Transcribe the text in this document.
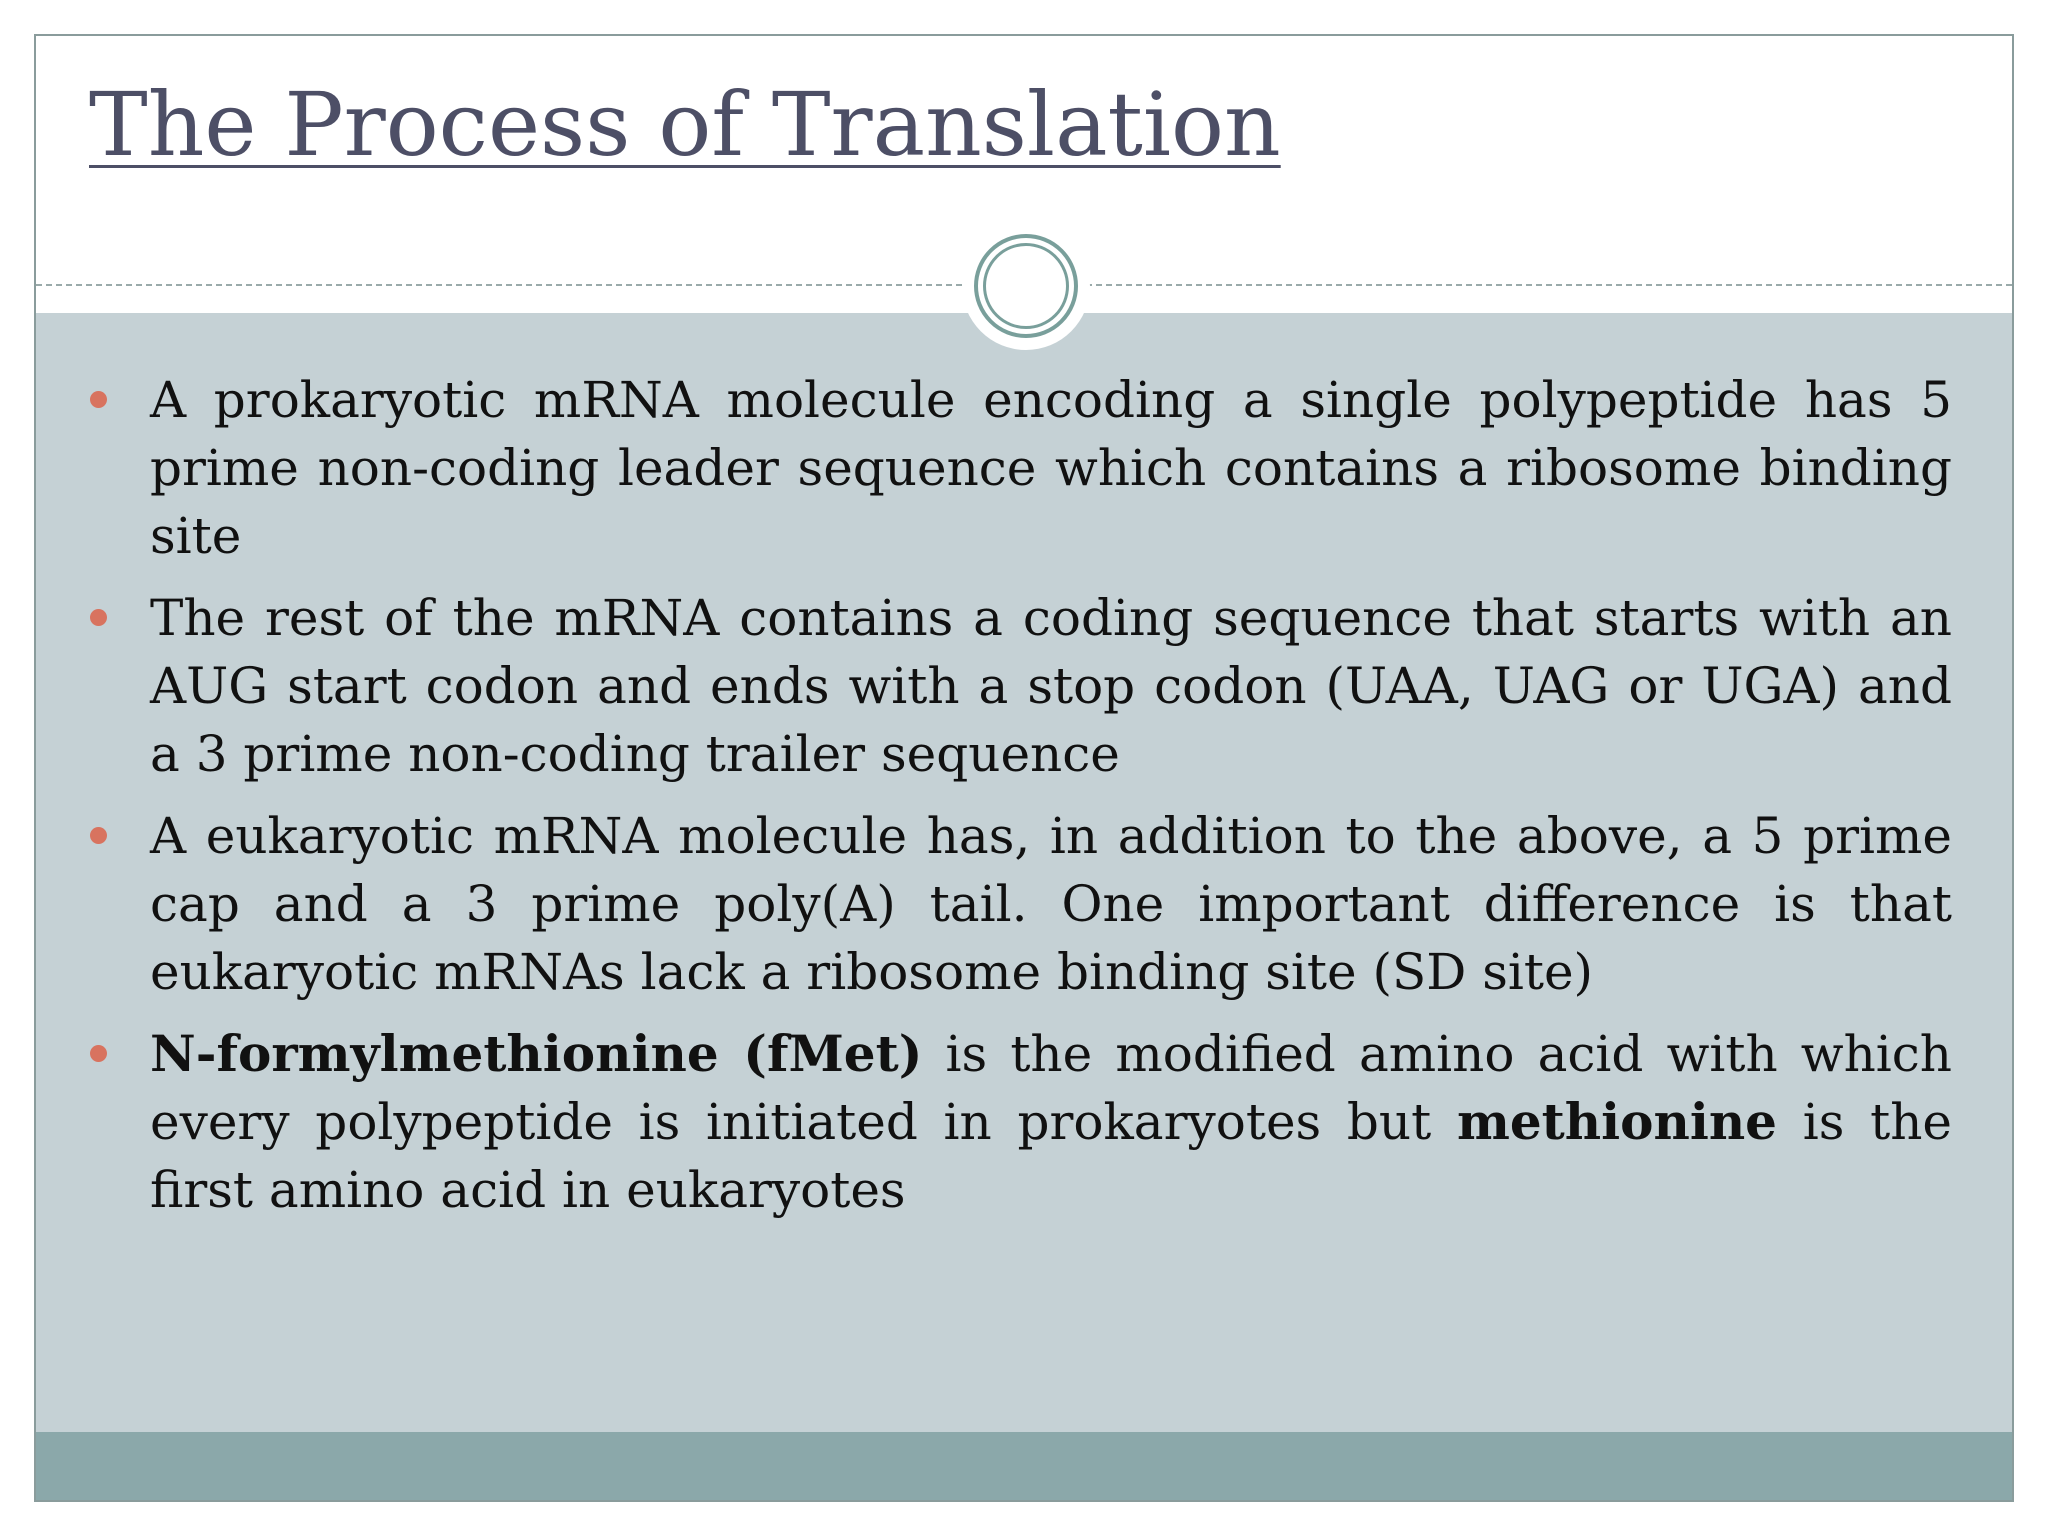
The Process of Translation
A prokaryotic mRNA molecule encoding a single polypeptide has 5 prime non-coding leader sequence which contains a ribosome binding site
The rest of the mRNA contains a coding sequence that starts with an AUG start codon and ends with a stop codon (UAA, UAG or UGA) and a 3 prime non-coding trailer sequence
A eukaryotic mRNA molecule has, in addition to the above, a 5 prime cap and a 3 prime poly(A) tail. One important difference is that eukaryotic mRNAs lack a ribosome binding site (SD site)
N-formylmethionine (fMet) is the modified amino acid with which every polypeptide is initiated in prokaryotes but methionine is the first amino acid in eukaryotes
